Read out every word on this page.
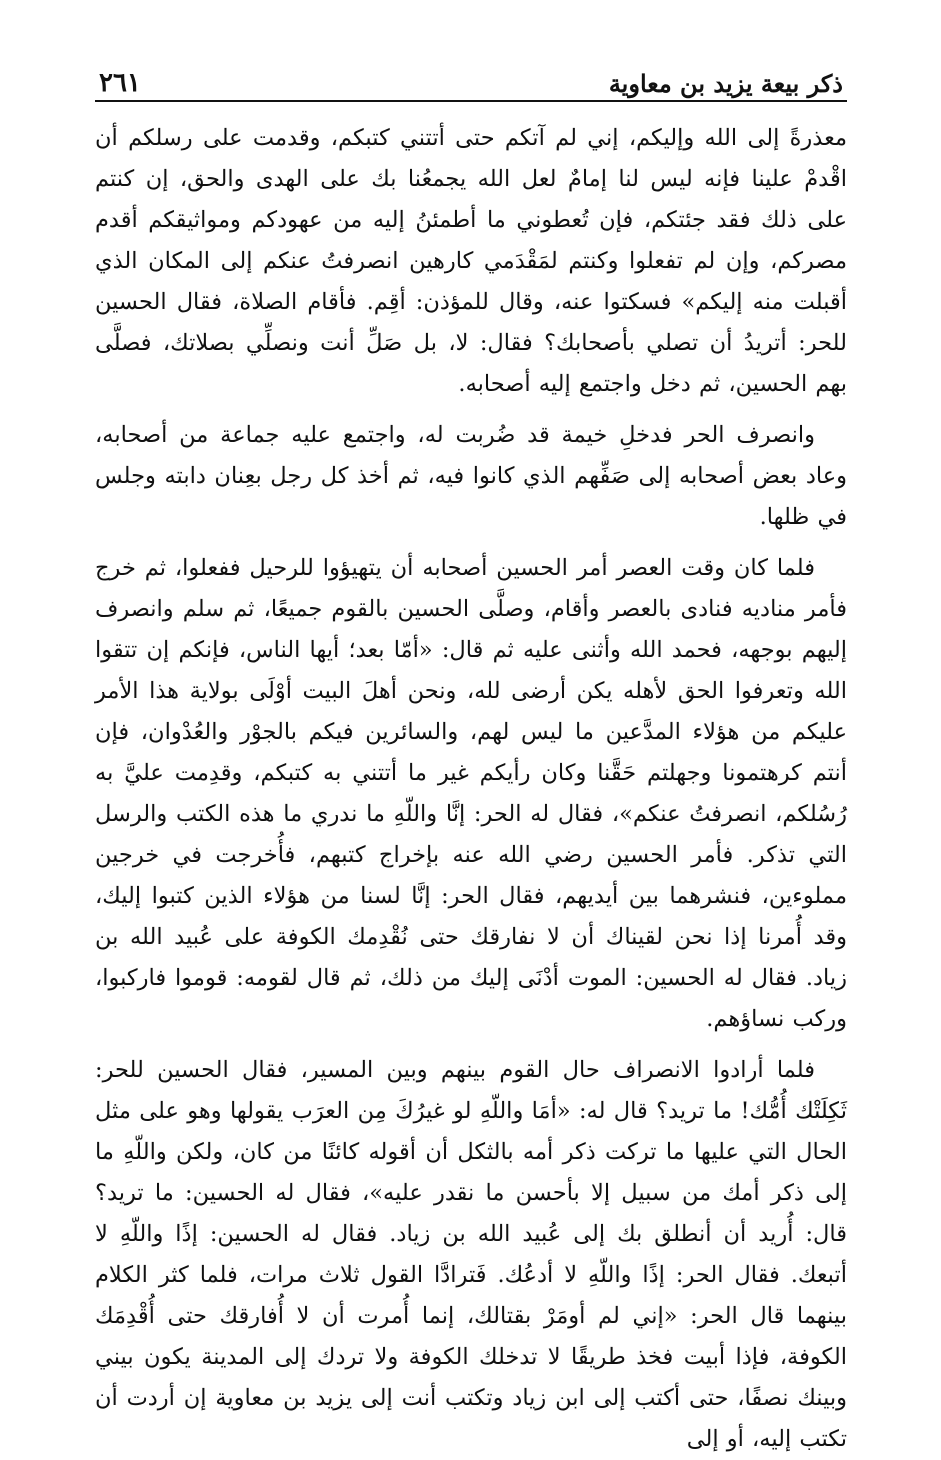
ذكر بيعة يزيد بن معاوية
٢٦١

معذرةً إلى الله وإليكم، إني لم آتكم حتى أتتني كتبكم، وقدمت على رسلكم أن اقْدمْ علينا فإنه ليس لنا إمامٌ لعل الله يجمعُنا بك على الهدى والحق، إن كنتم على ذلك فقد جئتكم، فإن تُعطوني ما أطمئنُ إليه من عهودكم ومواثيقكم أقدم مصركم، وإن لم تفعلوا وكنتم لمَقْدَمي كارهين انصرفتُ عنكم إلى المكان الذي أقبلت منه إليكم» فسكتوا عنه، وقال للمؤذن: أقِم. فأقام الصلاة، فقال الحسين للحر: أتريدُ أن تصلي بأصحابك؟ فقال: لا، بل صَلِّ أنت ونصلِّي بصلاتك، فصلَّى بهم الحسين، ثم دخل واجتمع إليه أصحابه.

وانصرف الحر فدخلِ خيمة قد ضُربت له، واجتمع عليه جماعة من أصحابه، وعاد بعض أصحابه إلى صَفِّهم الذي كانوا فيه، ثم أخذ كل رجل بعِنان دابته وجلس في ظلها.

فلما كان وقت العصر أمر الحسين أصحابه أن يتهيؤوا للرحيل ففعلوا، ثم خرج فأمر مناديه فنادى بالعصر وأقام، وصلَّى الحسين بالقوم جميعًا، ثم سلم وانصرف إليهم بوجهه، فحمد الله وأثنى عليه ثم قال: «أمّا بعد؛ أيها الناس، فإنكم إن تتقوا الله وتعرفوا الحق لأهله يكن أرضى لله، ونحن أهلَ البيت أوْلَى بولاية هذا الأمر عليكم من هؤلاء المدَّعين ما ليس لهم، والسائرين فيكم بالجوْر والعُدْوان، فإن أنتم كرهتمونا وجهلتم حَقَّنا وكان رأيكم غير ما أتتني به كتبكم، وقدِمت عليَّ به رُسُلكم، انصرفتُ عنكم»، فقال له الحر: إنَّا واللّهِ ما ندري ما هذه الكتب والرسل التي تذكر. فأمر الحسين رضي الله عنه بإخراج كتبهم، فأُخرجت في خرجين مملوءين، فنشرهما بين أيديهم، فقال الحر: إنَّا لسنا من هؤلاء الذين كتبوا إليك، وقد أُمرنا إذا نحن لقيناك أن لا نفارقك حتى نُقْدِمك الكوفة على عُبيد الله بن زياد. فقال له الحسين: الموت أدْنَى إليك من ذلك، ثم قال لقومه: قوموا فاركبوا، وركب نساؤهم.

فلما أرادوا الانصراف حال القوم بينهم وبين المسير، فقال الحسين للحر: ثَكِلَتْك أُمُّك! ما تريد؟ قال له: «أمَا واللّهِ لو غيرُكَ مِن العرَب يقولها وهو على مثل الحال التي عليها ما تركت ذكر أمه بالثكل أن أقوله كائنًا من كان، ولكن واللّهِ ما إلى ذكر أمك من سبيل إلا بأحسن ما نقدر عليه»، فقال له الحسين: ما تريد؟ قال: أُريد أن أنطلق بك إلى عُبيد الله بن زياد. فقال له الحسين: إذًا واللّهِ لا أتبعك. فقال الحر: إذًا واللّهِ لا أدعُك. فَترادَّا القول ثلاث مرات، فلما كثر الكلام بينهما قال الحر: «إني لم أومَرْ بقتالك، إنما أُمرت أن لا أُفارقك حتى أُقْدِمَك الكوفة، فإذا أبيت فخذ طريقًا لا تدخلك الكوفة ولا تردك إلى المدينة يكون بيني وبينك نصفًا، حتى أكتب إلى ابن زياد وتكتب أنت إلى يزيد بن معاوية إن أردت أن تكتب إليه، أو إلى
